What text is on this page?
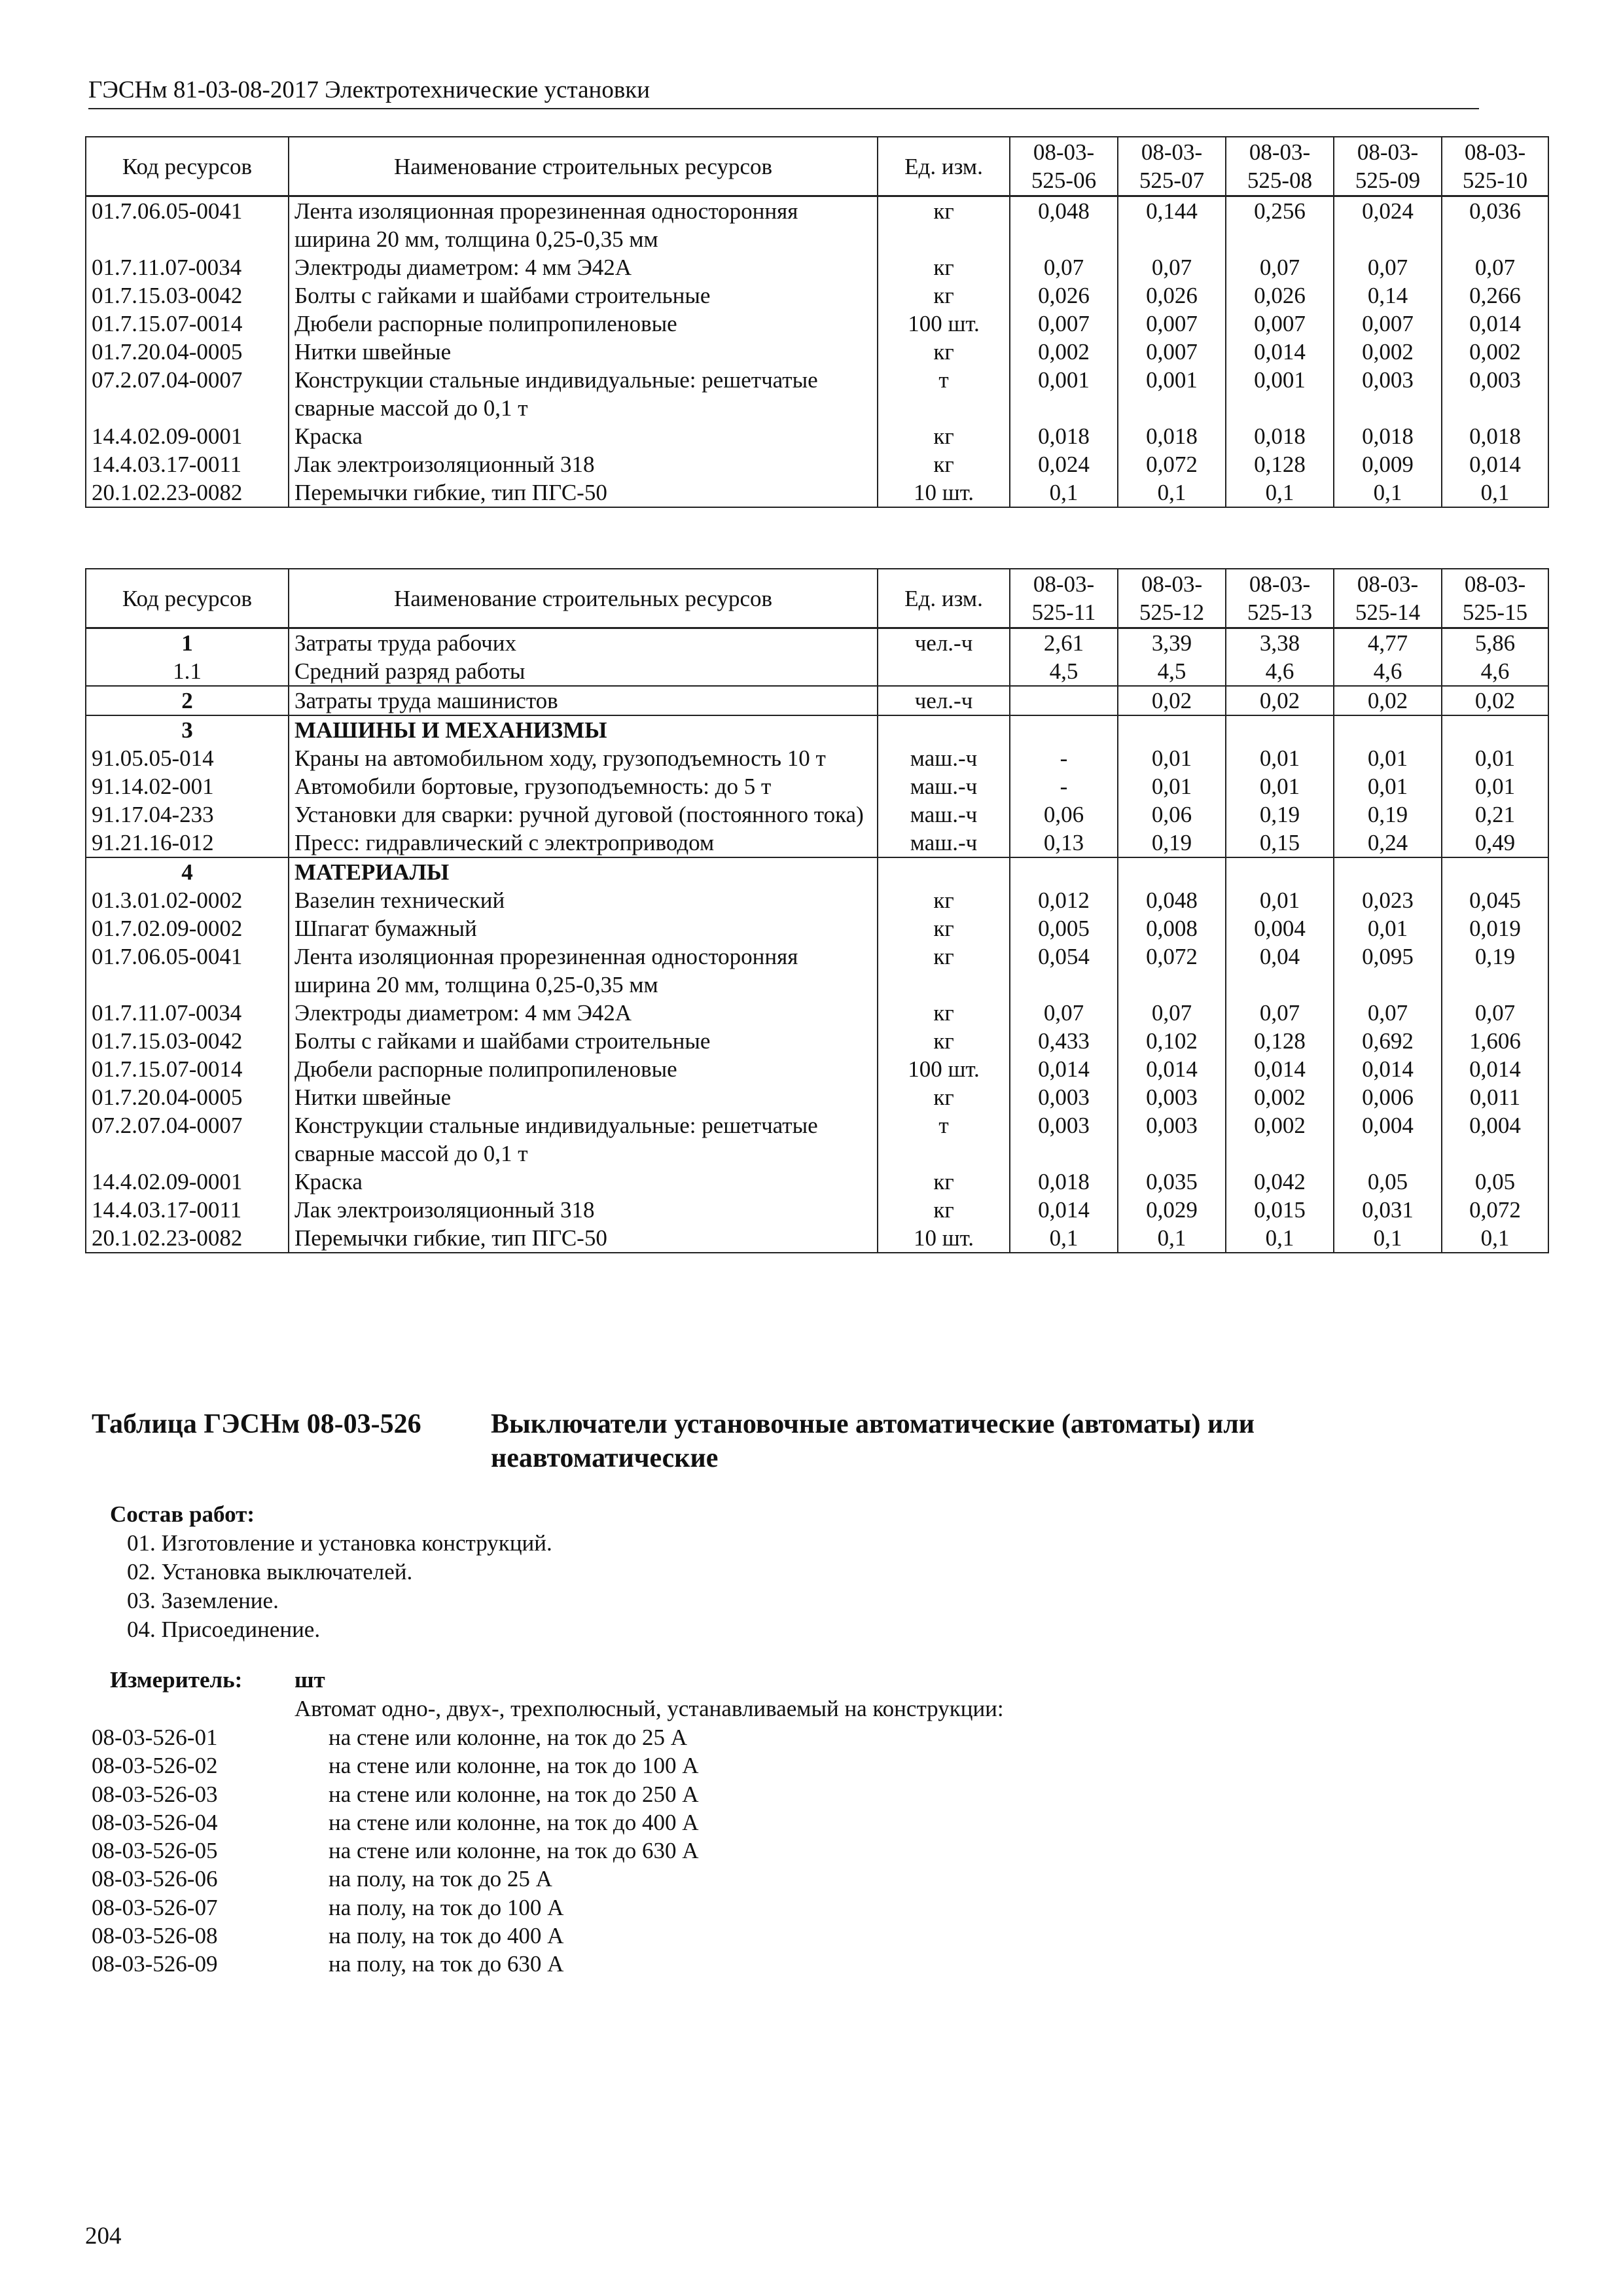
ГЭСНм 81-03-08-2017 Электротехнические установки
Код ресурсов	Наименование строительных ресурсов	Ед. изм.	08-03-525-06	08-03-525-07	08-03-525-08	08-03-525-09	08-03-525-10
01.7.06.05-0041	Лента изоляционная прорезиненная односторонняя ширина 20 мм, толщина 0,25-0,35 мм	кг	0,048	0,144	0,256	0,024	0,036
01.7.11.07-0034	Электроды диаметром: 4 мм Э42А	кг	0,07	0,07	0,07	0,07	0,07
01.7.15.03-0042	Болты с гайками и шайбами строительные	кг	0,026	0,026	0,026	0,14	0,266
01.7.15.07-0014	Дюбели распорные полипропиленовые	100 шт.	0,007	0,007	0,007	0,007	0,014
01.7.20.04-0005	Нитки швейные	кг	0,002	0,007	0,014	0,002	0,002
07.2.07.04-0007	Конструкции стальные индивидуальные: решетчатые сварные массой до 0,1 т	т	0,001	0,001	0,001	0,003	0,003
14.4.02.09-0001	Краска	кг	0,018	0,018	0,018	0,018	0,018
14.4.03.17-0011	Лак электроизоляционный 318	кг	0,024	0,072	0,128	0,009	0,014
20.1.02.23-0082	Перемычки гибкие, тип ПГС-50	10 шт.	0,1	0,1	0,1	0,1	0,1
Код ресурсов	Наименование строительных ресурсов	Ед. изм.	08-03-525-11	08-03-525-12	08-03-525-13	08-03-525-14	08-03-525-15
1	Затраты труда рабочих	чел.-ч	2,61	3,39	3,38	4,77	5,86
1.1	Средний разряд работы		4,5	4,5	4,6	4,6	4,6
2	Затраты труда машинистов	чел.-ч		0,02	0,02	0,02	0,02
3	МАШИНЫ И МЕХАНИЗМЫ						
91.05.05-014	Краны на автомобильном ходу, грузоподъемность 10 т	маш.-ч	-	0,01	0,01	0,01	0,01
91.14.02-001	Автомобили бортовые, грузоподъемность: до 5 т	маш.-ч	-	0,01	0,01	0,01	0,01
91.17.04-233	Установки для сварки: ручной дуговой (постоянного тока)	маш.-ч	0,06	0,06	0,19	0,19	0,21
91.21.16-012	Пресс: гидравлический с электроприводом	маш.-ч	0,13	0,19	0,15	0,24	0,49
4	МАТЕРИАЛЫ						
01.3.01.02-0002	Вазелин технический	кг	0,012	0,048	0,01	0,023	0,045
01.7.02.09-0002	Шпагат бумажный	кг	0,005	0,008	0,004	0,01	0,019
01.7.06.05-0041	Лента изоляционная прорезиненная односторонняя ширина 20 мм, толщина 0,25-0,35 мм	кг	0,054	0,072	0,04	0,095	0,19
01.7.11.07-0034	Электроды диаметром: 4 мм Э42А	кг	0,07	0,07	0,07	0,07	0,07
01.7.15.03-0042	Болты с гайками и шайбами строительные	кг	0,433	0,102	0,128	0,692	1,606
01.7.15.07-0014	Дюбели распорные полипропиленовые	100 шт.	0,014	0,014	0,014	0,014	0,014
01.7.20.04-0005	Нитки швейные	кг	0,003	0,003	0,002	0,006	0,011
07.2.07.04-0007	Конструкции стальные индивидуальные: решетчатые сварные массой до 0,1 т	т	0,003	0,003	0,002	0,004	0,004
14.4.02.09-0001	Краска	кг	0,018	0,035	0,042	0,05	0,05
14.4.03.17-0011	Лак электроизоляционный 318	кг	0,014	0,029	0,015	0,031	0,072
20.1.02.23-0082	Перемычки гибкие, тип ПГС-50	10 шт.	0,1	0,1	0,1	0,1	0,1
Таблица ГЭСНм 08-03-526	Выключатели установочные автоматические (автоматы) или неавтоматические
Состав работ:
01. Изготовление и установка конструкций.
02. Установка выключателей.
03. Заземление.
04. Присоединение.
Измеритель: шт
Автомат одно-, двух-, трехполюсный, устанавливаемый на конструкции:
08-03-526-01	на стене или колонне, на ток до 25 А
08-03-526-02	на стене или колонне, на ток до 100 А
08-03-526-03	на стене или колонне, на ток до 250 А
08-03-526-04	на стене или колонне, на ток до 400 А
08-03-526-05	на стене или колонне, на ток до 630 А
08-03-526-06	на полу, на ток до 25 А
08-03-526-07	на полу, на ток до 100 А
08-03-526-08	на полу, на ток до 400 А
08-03-526-09	на полу, на ток до 630 А
204
